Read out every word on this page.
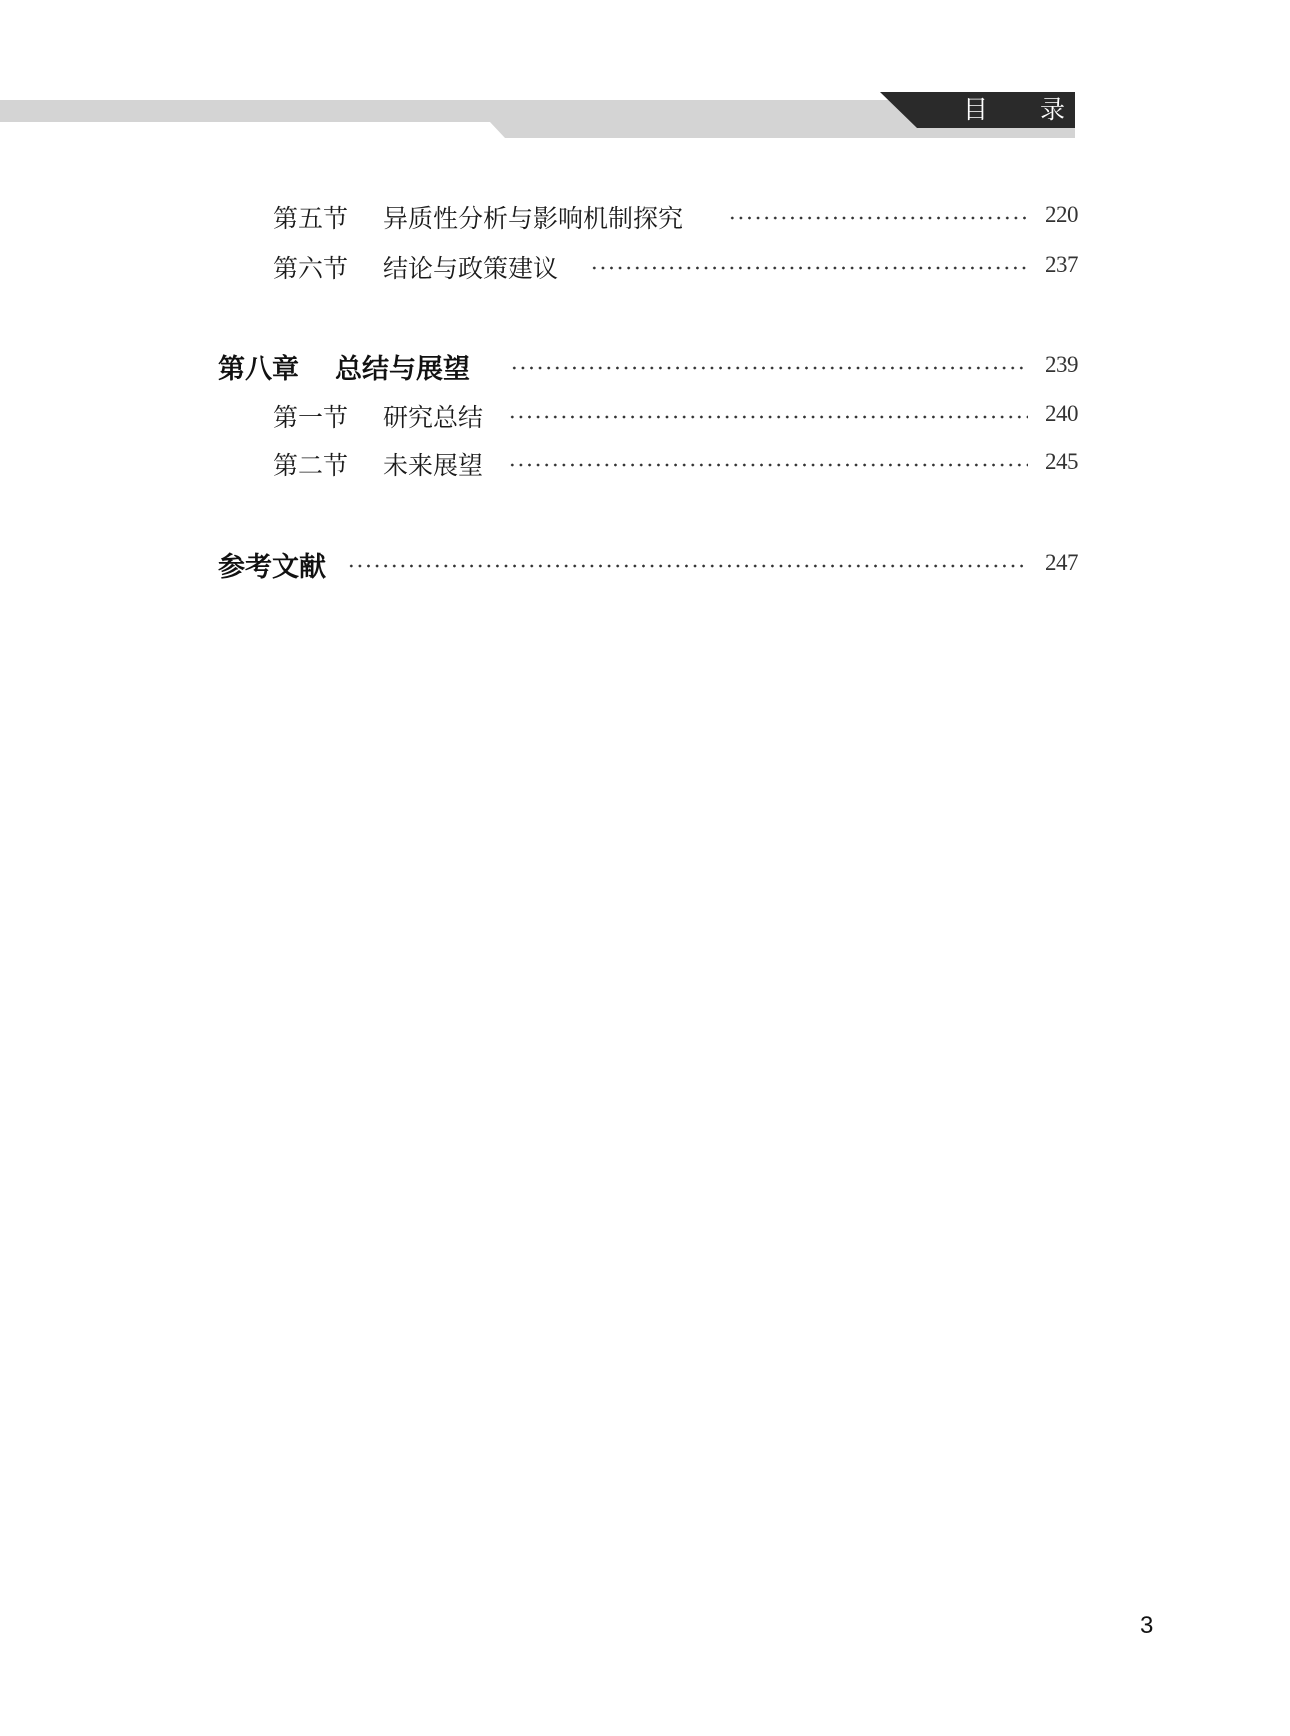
目 录
第五节 异质性分析与影响机制探究	220
第六节 结论与政策建议	237
第八章 总结与展望	239
第一节 研究总结	240
第二节 未来展望	245
参考文献	247
3
